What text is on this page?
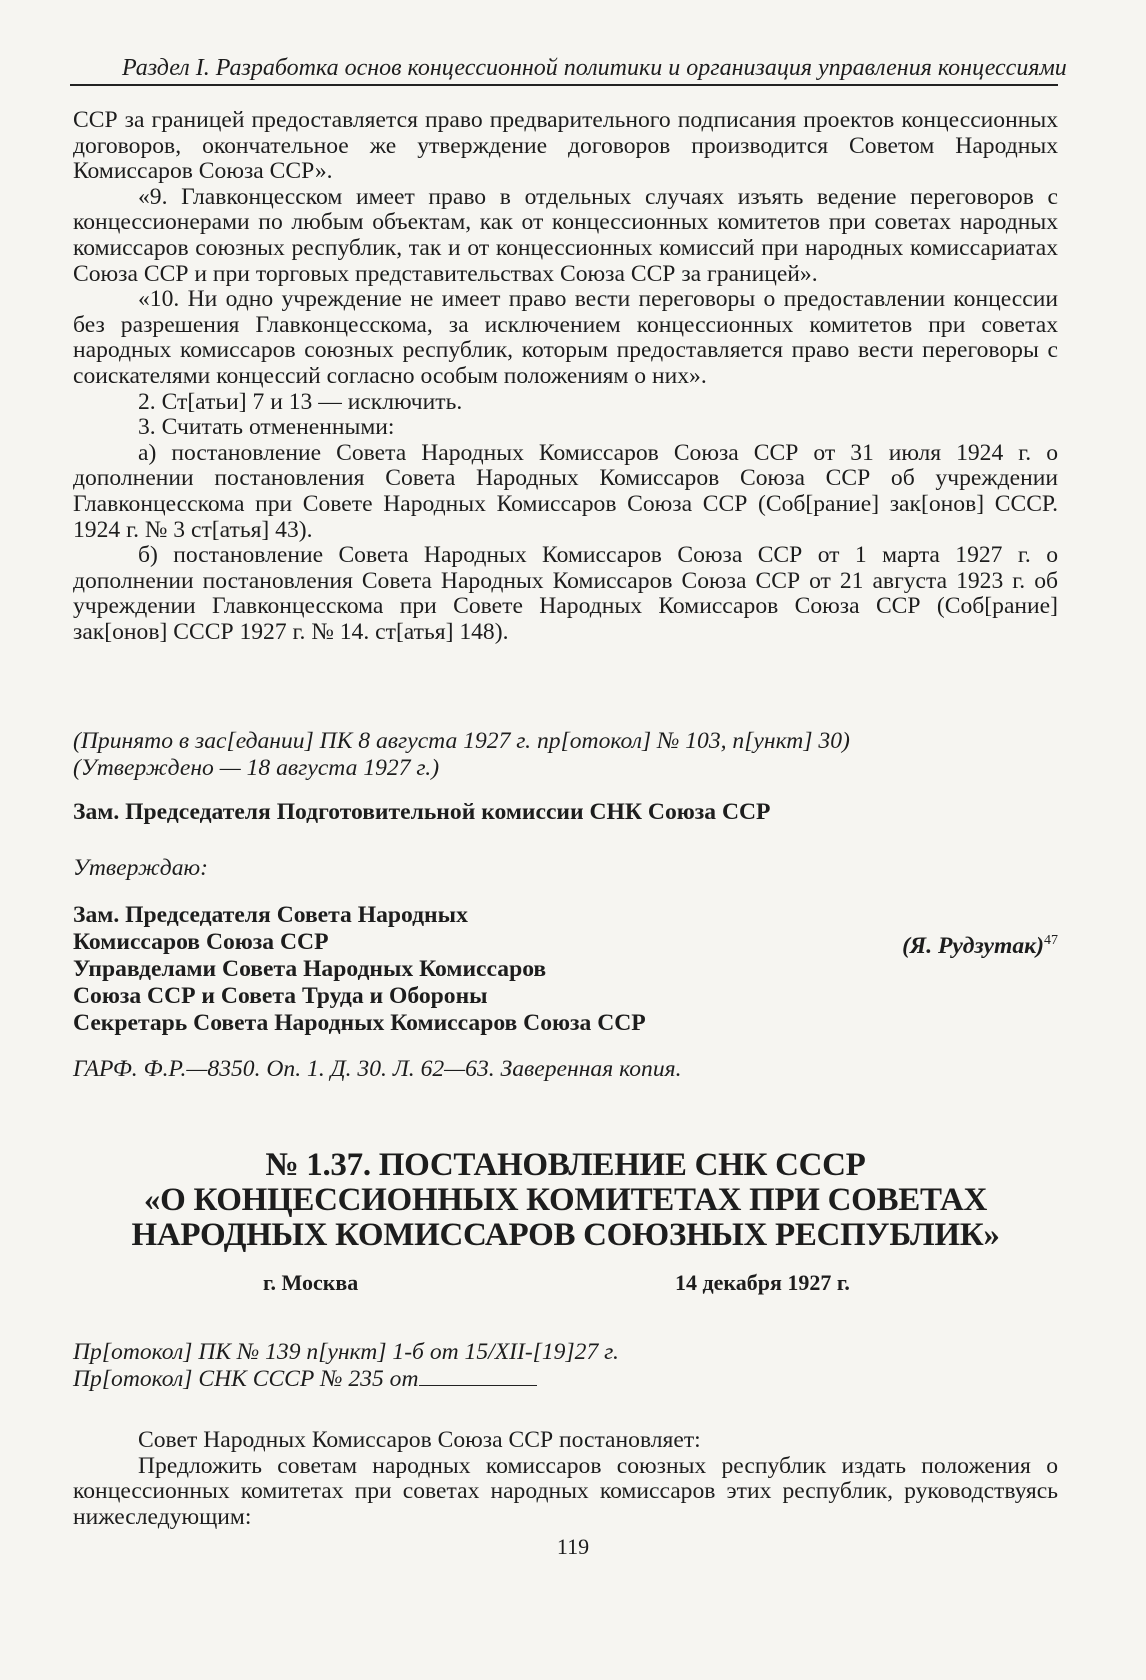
Раздел I. Разработка основ концессионной политики и организация управления концессиями

ССР за границей предоставляется право предварительного подписания проектов концессионных договоров, окончательное же утверждение договоров производится Советом Народных Комиссаров Союза ССР».

«9. Главконцесском имеет право в отдельных случаях изъять ведение переговоров с концессионерами по любым объектам, как от концессионных комитетов при советах народных комиссаров союзных республик, так и от концессионных комиссий при народных комиссариатах Союза ССР и при торговых представительствах Союза ССР за границей».

«10. Ни одно учреждение не имеет право вести переговоры о предоставлении концессии без разрешения Главконцесскома, за исключением концессионных комитетов при советах народных комиссаров союзных республик, которым предоставляется право вести переговоры с соискателями концессий согласно особым положениям о них».

2. Ст[атьи] 7 и 13 — исключить.

3. Считать отмененными:

а) постановление Совета Народных Комиссаров Союза ССР от 31 июля 1924 г. о дополнении постановления Совета Народных Комиссаров Союза ССР об учреждении Главконцесскома при Совете Народных Комиссаров Союза ССР (Соб[рание] зак[онов] СССР. 1924 г. № 3 ст[атья] 43).

б) постановление Совета Народных Комиссаров Союза ССР от 1 марта 1927 г. о дополнении постановления Совета Народных Комиссаров Союза ССР от 21 августа 1923 г. об учреждении Главконцесскома при Совете Народных Комиссаров Союза ССР (Соб[рание] зак[онов] СССР 1927 г. № 14. ст[атья] 148).

(Принято в зас[едании] ПК 8 августа 1927 г. пр[отокол] № 103, п[ункт] 30)
(Утверждено — 18 августа 1927 г.)
Зам. Председателя Подготовительной комиссии СНК Союза ССР
Утверждаю:
Зам. Председателя Совета Народных
Комиссаров Союза ССР
Управделами Совета Народных Комиссаров
Союза ССР и Совета Труда и Обороны
Секретарь Совета Народных Комиссаров Союза ССР
(Я. Рудзутак)$^{47}$
ГАРФ. Ф.Р.—8350. Оп. 1. Д. 30. Л. 62—63. Заверенная копия.
№ 1.37. ПОСТАНОВЛЕНИЕ СНК СССР
«О КОНЦЕССИОННЫХ КОМИТЕТАХ ПРИ СОВЕТАХ
НАРОДНЫХ КОМИССАРОВ СОЮЗНЫХ РЕСПУБЛИК»
г. Москва	14 декабря 1927 г.
Пр[отокол] ПК № 139 п[ункт] 1-б от 15/XII-[19]27 г.
Пр[отокол] СНК СССР № 235 от

Совет Народных Комиссаров Союза ССР постановляет:

Предложить советам народных комиссаров союзных республик издать положения о концессионных комитетах при советах народных комиссаров этих республик, руководствуясь нижеследующим:

119
